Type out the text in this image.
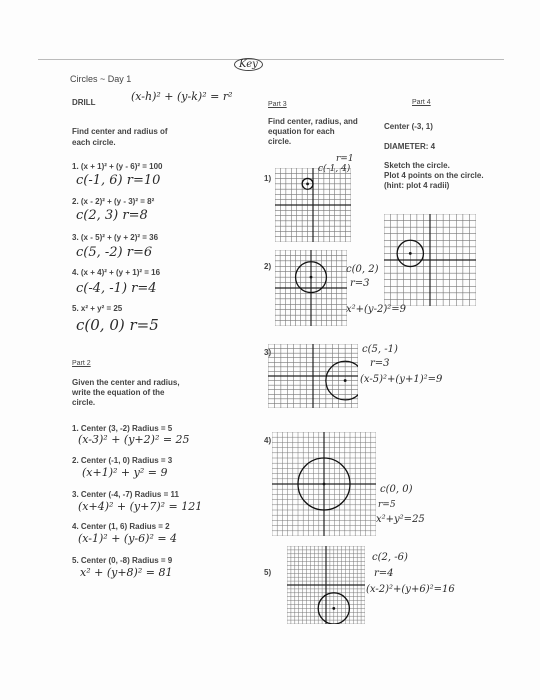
Circles ~ Day 1
DRILL	(x-h)² + (y-k)² = r²
Key
Find center and radius of each circle.
1. (x + 1)² + (y - 6)² = 100
c(-1, 6) r=10
2. (x - 2)² + (y - 3)² = 8²
c(2, 3) r=8
3. (x - 5)² + (y + 2)² = 36
c(5, -2) r=6
4. (x + 4)² + (y + 1)² = 16
c(-4, -1) r=4
5. x² + y² = 25
c(0, 0) r=5
Part 2
Given the center and radius, write the equation of the circle.
1. Center (3, -2) Radius = 5
(x-3)² + (y+2)² = 25
2. Center (-1, 0) Radius = 3
(x+1)² + y² = 9
3. Center (-4, -7) Radius = 11
(x+4)² + (y+7)² = 121
4. Center (1, 6) Radius = 2
(x-1)² + (y-6)² = 4
5. Center (0, -8) Radius = 9
x² + (y+8)² = 81
Part 3
Find center, radius, and equation for each circle.
1)
c(-1, 4)
r=1
2)	c(0, 2)
r=3
x²+(y-2)²=9
3)	c(5, -1)
r=3
(x-5)²+(y+1)²=9
4)
c(0, 0)
r=5
x²+y²=25
5)
c(2, -6)
r=4
(x-2)²+(y+6)²=16
Part 4
Center (-3, 1)
DIAMETER: 4
Sketch the circle.
Plot 4 points on the circle.
(hint: plot 4 radii)
